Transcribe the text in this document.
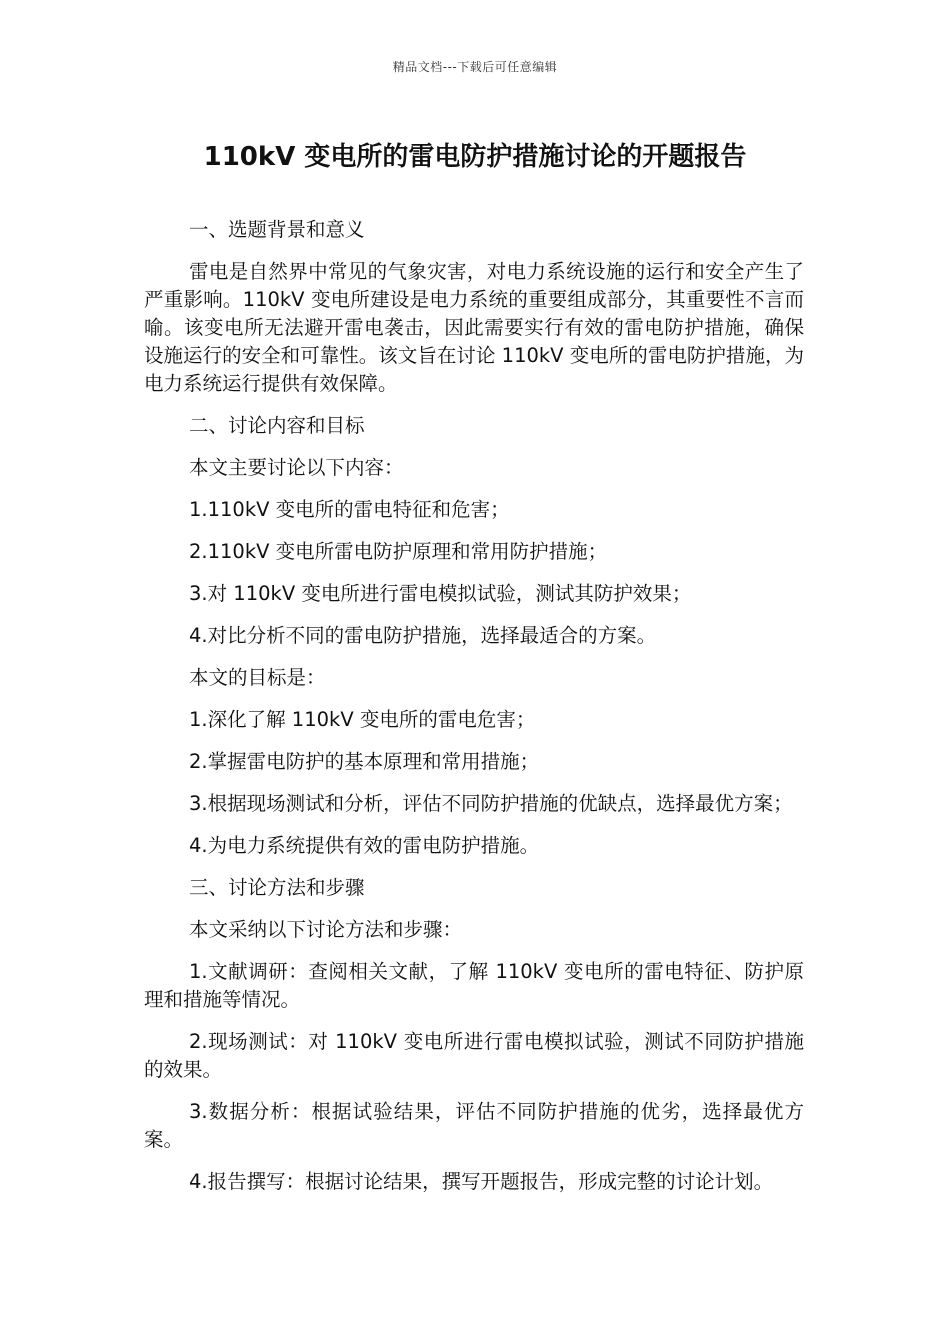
精品文档---下载后可任意编辑
110kV 变电所的雷电防护措施讨论的开题报告

一、选题背景和意义

雷电是自然界中常见的气象灾害，对电力系统设施的运行和安全产生了严重影响。110kV 变电所建设是电力系统的重要组成部分，其重要性不言而喻。该变电所无法避开雷电袭击，因此需要实行有效的雷电防护措施，确保设施运行的安全和可靠性。该文旨在讨论 110kV 变电所的雷电防护措施，为电力系统运行提供有效保障。

二、讨论内容和目标

本文主要讨论以下内容：

1.110kV 变电所的雷电特征和危害；

2.110kV 变电所雷电防护原理和常用防护措施；

3.对 110kV 变电所进行雷电模拟试验，测试其防护效果；

4.对比分析不同的雷电防护措施，选择最适合的方案。

本文的目标是：

1.深化了解 110kV 变电所的雷电危害；

2.掌握雷电防护的基本原理和常用措施；

3.根据现场测试和分析，评估不同防护措施的优缺点，选择最优方案；

4.为电力系统提供有效的雷电防护措施。

三、讨论方法和步骤

本文采纳以下讨论方法和步骤：

1.文献调研：查阅相关文献，了解 110kV 变电所的雷电特征、防护原理和措施等情况。

2.现场测试：对 110kV 变电所进行雷电模拟试验，测试不同防护措施的效果。

3.数据分析：根据试验结果，评估不同防护措施的优劣，选择最优方案。

4.报告撰写：根据讨论结果，撰写开题报告，形成完整的讨论计划。
